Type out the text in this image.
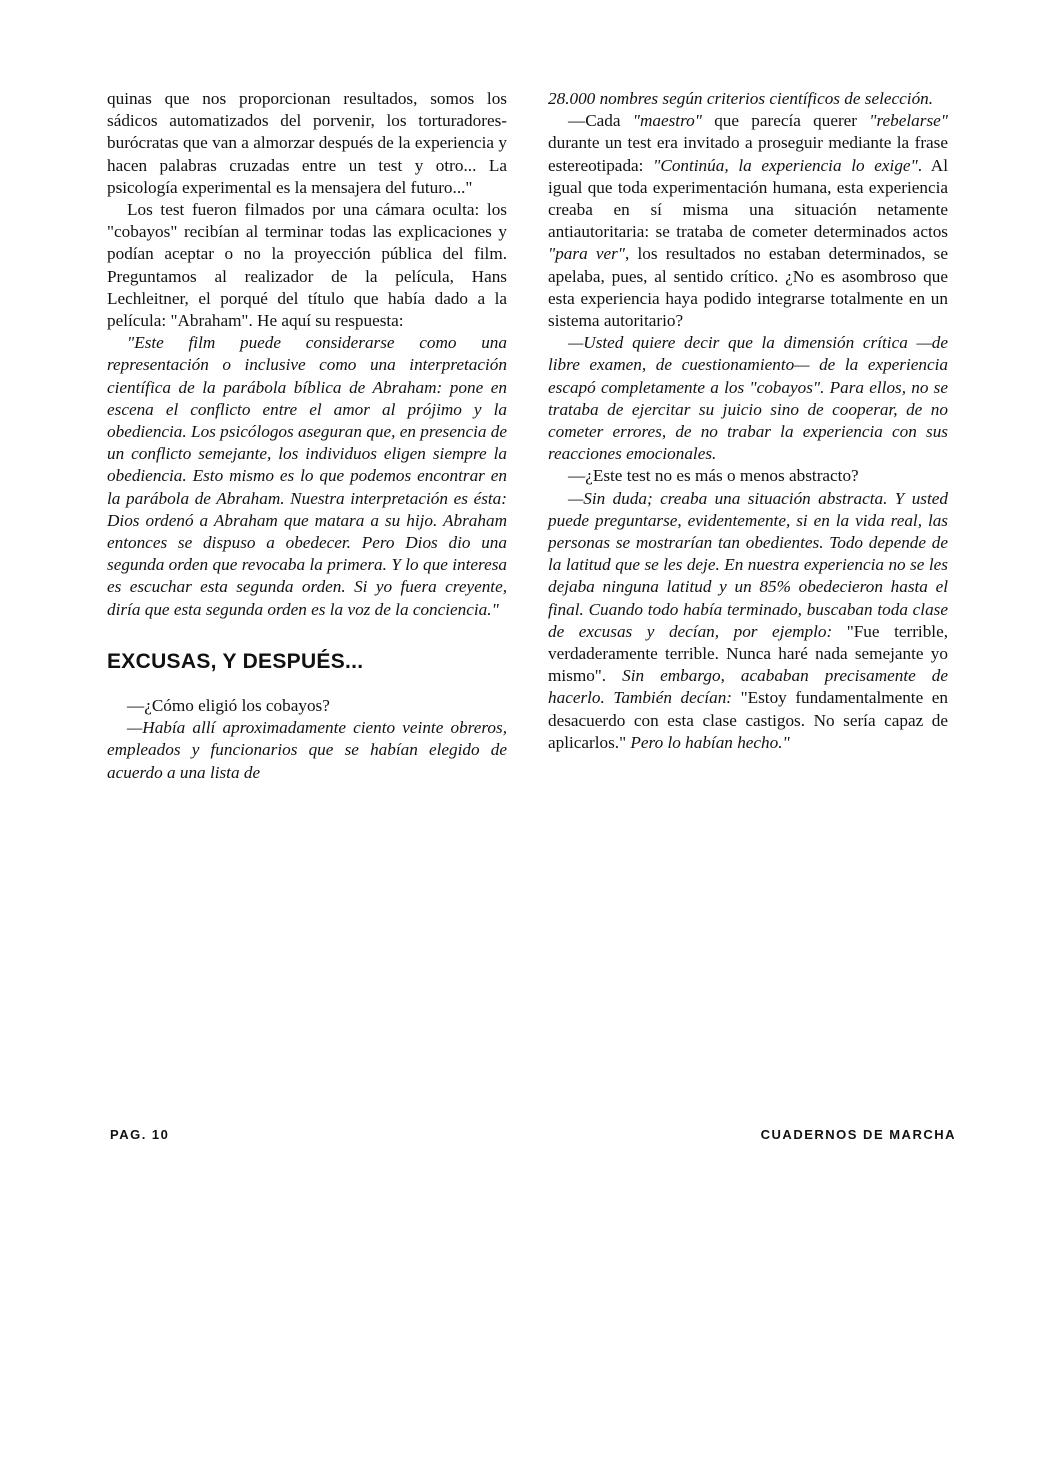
quinas que nos proporcionan resultados, somos los sádicos automatizados del porvenir, los torturadores-burócratas que van a almorzar después de la experiencia y hacen palabras cruzadas entre un test y otro... La psicología experimental es la mensajera del futuro..."

Los test fueron filmados por una cámara oculta: los "cobayos" recibían al terminar todas las explicaciones y podían aceptar o no la proyección pública del film. Preguntamos al realizador de la película, Hans Lechleitner, el porqué del título que había dado a la película: "Abraham". He aquí su respuesta:

"Este film puede considerarse como una representación o inclusive como una interpretación científica de la parábola bíblica de Abraham: pone en escena el conflicto entre el amor al prójimo y la obediencia. Los psicólogos aseguran que, en presencia de un conflicto semejante, los individuos eligen siempre la obediencia. Esto mismo es lo que podemos encontrar en la parábola de Abraham. Nuestra interpretación es ésta: Dios ordenó a Abraham que matara a su hijo. Abraham entonces se dispuso a obedecer. Pero Dios dio una segunda orden que revocaba la primera. Y lo que interesa es escuchar esta segunda orden. Si yo fuera creyente, diría que esta segunda orden es la voz de la conciencia."

EXCUSAS, Y DESPUÉS...

—¿Cómo eligió los cobayos?

—Había allí aproximadamente ciento veinte obreros, empleados y funcionarios que se habían elegido de acuerdo a una lista de

28.000 nombres según criterios científicos de selección.

—Cada "maestro" que parecía querer "rebelarse" durante un test era invitado a proseguir mediante la frase estereotipada: "Continúa, la experiencia lo exige". Al igual que toda experimentación humana, esta experiencia creaba en sí misma una situación netamente antiautoritaria: se trataba de cometer determinados actos "para ver", los resultados no estaban determinados, se apelaba, pues, al sentido crítico. ¿No es asombroso que esta experiencia haya podido integrarse totalmente en un sistema autoritario?

—Usted quiere decir que la dimensión crítica —de libre examen, de cuestionamiento— de la experiencia escapó completamente a los "cobayos". Para ellos, no se trataba de ejercitar su juicio sino de cooperar, de no cometer errores, de no trabar la experiencia con sus reacciones emocionales.

—¿Este test no es más o menos abstracto?

—Sin duda; creaba una situación abstracta. Y usted puede preguntarse, evidentemente, si en la vida real, las personas se mostrarían tan obedientes. Todo depende de la latitud que se les deje. En nuestra experiencia no se les dejaba ninguna latitud y un 85% obedecieron hasta el final. Cuando todo había terminado, buscaban toda clase de excusas y decían, por ejemplo: "Fue terrible, verdaderamente terrible. Nunca haré nada semejante yo mismo". Sin embargo, acababan precisamente de hacerlo. También decían: "Estoy fundamentalmente en desacuerdo con esta clase castigos. No sería capaz de aplicarlos." Pero lo habían hecho."

PAG. 10	CUADERNOS DE MARCHA
